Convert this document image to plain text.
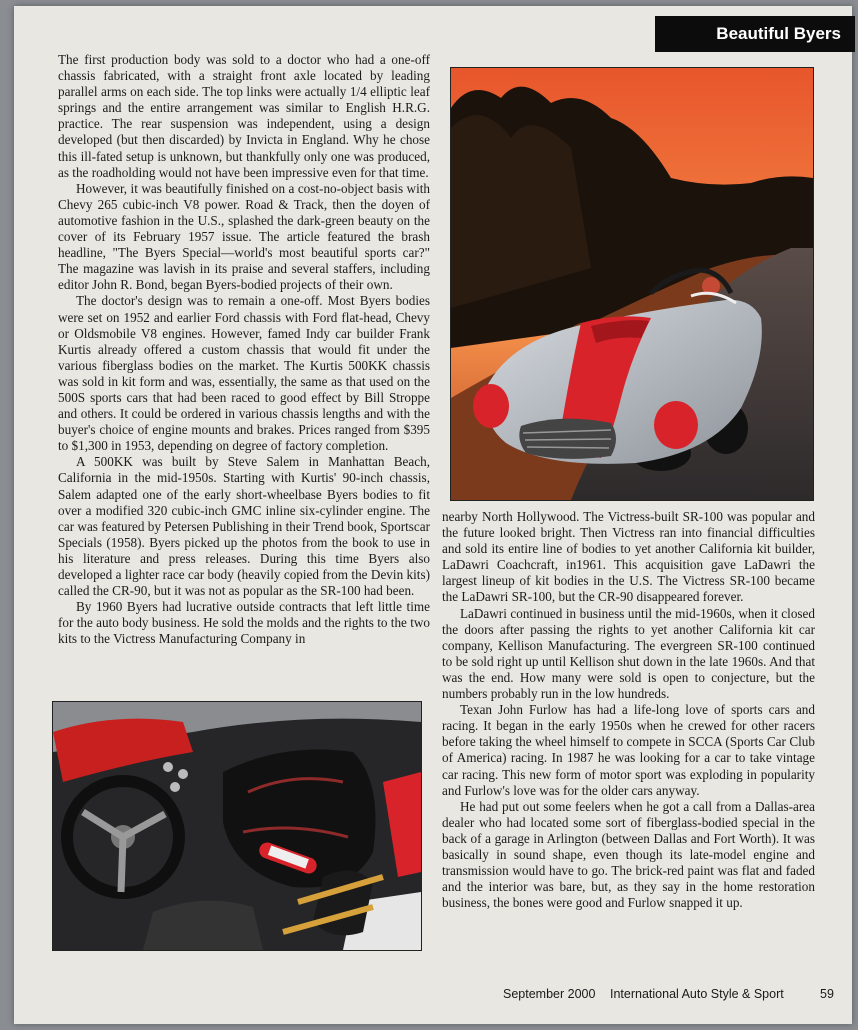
Beautiful Byers

The first production body was sold to a doctor who had a one-off chassis fabricated, with a straight front axle located by leading parallel arms on each side. The top links were actually 1/4 elliptic leaf springs and the entire arrangement was similar to English H.R.G. practice. The rear suspension was independent, using a design developed (but then discarded) by Invicta in England. Why he chose this ill-fated setup is unknown, but thankfully only one was produced, as the roadholding would not have been impressive even for that time.

However, it was beautifully finished on a cost-no-object basis with Chevy 265 cubic-inch V8 power. Road & Track, then the doyen of automotive fashion in the U.S., splashed the dark-green beauty on the cover of its February 1957 issue. The article featured the brash headline, "The Byers Special—world's most beautiful sports car?" The magazine was lavish in its praise and several staffers, including editor John R. Bond, began Byers-bodied projects of their own.

The doctor's design was to remain a one-off. Most Byers bodies were set on 1952 and earlier Ford chassis with Ford flat-head, Chevy or Oldsmobile V8 engines. However, famed Indy car builder Frank Kurtis already offered a custom chassis that would fit under the various fiberglass bodies on the market. The Kurtis 500KK chassis was sold in kit form and was, essentially, the same as that used on the 500S sports cars that had been raced to good effect by Bill Stroppe and others. It could be ordered in various chassis lengths and with the buyer's choice of engine mounts and brakes. Prices ranged from $395 to $1,300 in 1953, depending on degree of factory completion.

A 500KK was built by Steve Salem in Manhattan Beach, California in the mid-1950s. Starting with Kurtis' 90-inch chassis, Salem adapted one of the early short-wheelbase Byers bodies to fit over a modified 320 cubic-inch GMC inline six-cylinder engine. The car was featured by Petersen Publishing in their Trend book, Sportscar Specials (1958). Byers picked up the photos from the book to use in his literature and press releases. During this time Byers also developed a lighter race car body (heavily copied from the Devin kits) called the CR-90, but it was not as popular as the SR-100 had been.

By 1960 Byers had lucrative outside contracts that left little time for the auto body business. He sold the molds and the rights to the two kits to the Victress Manufacturing Company in

nearby North Hollywood. The Victress-built SR-100 was popular and the future looked bright. Then Victress ran into financial difficulties and sold its entire line of bodies to yet another California kit builder, LaDawri Coachcraft, in1961. This acquisition gave LaDawri the largest lineup of kit bodies in the U.S. The Victress SR-100 became the LaDawri SR-100, but the CR-90 disappeared forever.

LaDawri continued in business until the mid-1960s, when it closed the doors after passing the rights to yet another California kit car company, Kellison Manufacturing. The evergreen SR-100 continued to be sold right up until Kellison shut down in the late 1960s. And that was the end. How many were sold is open to conjecture, but the numbers probably run in the low hundreds.

Texan John Furlow has had a life-long love of sports cars and racing. It began in the early 1950s when he crewed for other racers before taking the wheel himself to compete in SCCA (Sports Car Club of America) racing. In 1987 he was looking for a car to take vintage car racing. This new form of motor sport was exploding in popularity and Furlow's love was for the older cars anyway.

He had put out some feelers when he got a call from a Dallas-area dealer who had located some sort of fiberglass-bodied special in the back of a garage in Arlington (between Dallas and Fort Worth). It was basically in sound shape, even though its late-model engine and transmission would have to go. The brick-red paint was flat and faded and the interior was bare, but, as they say in the home restoration business, the bones were good and Furlow snapped it up.

September 2000 International Auto Style & Sport	59
